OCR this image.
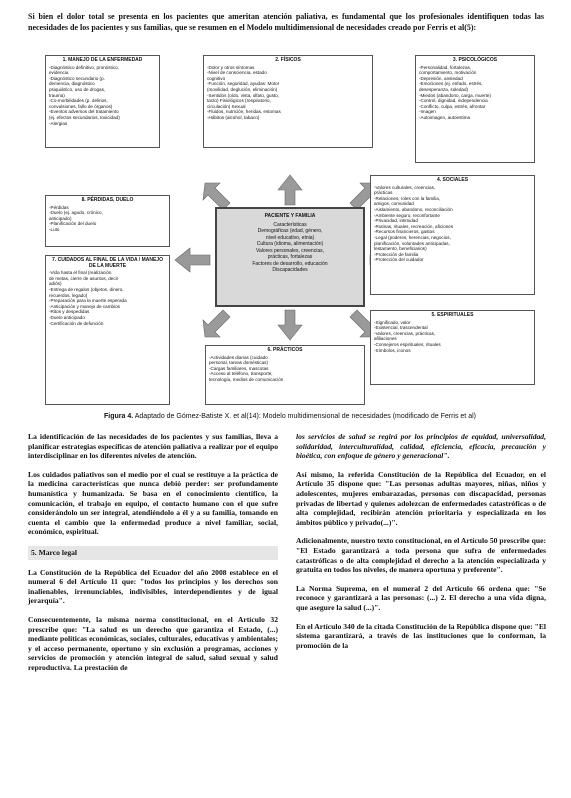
Si bien el dolor total se presenta en los pacientes que ameritan atención paliativa, es fundamental que los profesionales identifiquen todas las necesidades de los pacientes y sus familias, que se resumen en el Modelo multidimensional de necesidades creado por Ferris et al(5):
1. MANEJO DE LA ENFERMEDAD
-Diagnóstico definitivo, pronóstico,
evidencia
-Diagnóstico secundario (p.
demencia, diagnóstico
psiquiátrico, uso de drogas,
trauma)
-Co-morbilidades (p. delirios,
convulsiones, fallo de órganos)
-Eventos adversos del tratamiento
(ej. efectos secundarios, toxicidad)
-Alergias
2. FÍSICOS
-Dolor y otros síntomas
-Nivel de consciencia, estado
cognitivo
-Función, seguridad, ayudas: Motor
(movilidad, deglución, eliminación)
-Sentidos (oído, vista, olfato, gusto,
tacto) Fisiológicos (respiratorio,
circulación) Sexual
-Fluidos, nutrición, heridas, estomas
-Hábitos (alcohol, tabaco)
3. PSICOLÓGICOS
-Personalidad, fortalezas,
comportamiento, motivación
-Depresión, ansiedad
-Emociones (ej. enfado, estrés,
desesperanza, soledad)
-Miedos (abandono, carga, muerte)
-Control, dignidad, independencia
-Conflicto, culpa, estrés, afrontar
-Imagen
-Autoimagen, autoestima
4. SOCIALES
-Valores culturales, creencias,
prácticas
-Relaciones, roles con la familia,
amigos, comunidad
-Aislamiento, abandono, reconciliación
-Ambiente seguro, reconfortante
-Privacidad, intimidad
-Rutinas, rituales, recreación, aficiones
-Recursos financieros, gastos
-Legal (poderes, herencias, negocios,
planificación, voluntades anticipadas,
testamento, beneficiarios)
-Protección de familia
-Protección del cuidador
5. ESPIRITUALES
-Significado, valor
-Existencial, trascendental
-Valores, creencias, prácticas,
afiliaciones
-Consejeros espirituales, rituales
-Símbolos, iconos
6. PRÁCTICOS
-Actividades diarias (cuidado
personal, tareas domésticas)
-Cargas familiares, mascotas
-Acceso al teléfono, transporte,
tecnología, medios de comunicación
7. CUIDADOS AL FINAL DE LA VIDA / MANEJO DE LA MUERTE
-Vida hasta el final (realización
de metas, cierre de asuntos, decir
adiós)
-Entrega de regalos (objetos, dinero,
recuerdos, legado)
-Preparación para la muerte esperada
-Anticipación y manejo de cambios
-Ritos y despedidas
-Duelo anticipado
-Certificación de defunción
8. PÉRDIDAS, DUELO
-Pérdidas
-Duelo (ej. agudo, crónico,
anticipado)
-Planificación del duelo
-Luto
PACIENTE Y FAMILIA
Características
Demográficas (edad, género,
nivel educativo, etnia)
Cultura (idioma, alimentación)
Valores personales, creencias,
prácticas, fortalezas
Factores de desarrollo, educación
Discapacidades
Figura 4. Adaptado de Gómez-Batiste X. et al(14): Modelo multidimensional de necesidades (modificado de Ferris et al)

La identificación de las necesidades de los pacientes y sus familias, lleva a planificar estrategias específicas de atención paliativa a realizar por el equipo interdisciplinar en los diferentes niveles de atención.

Los cuidados paliativos son el medio por el cual se restituye a la práctica de la medicina características que nunca debió perder: ser profundamente humanística y humanizada. Se basa en el conocimiento científico, la comunicación, el trabajo en equipo, el contacto humano con el que sufre considerándolo un ser integral, atendiéndolo a él y a su familia, tomando en cuenta el cambio que la enfermedad produce a nivel familiar, social, económico, espiritual.

5. Marco legal

La Constitución de la República del Ecuador del año 2008 establece en el numeral 6 del Artículo 11 que: "todos los principios y los derechos son inalienables, irrenunciables, indivisibles, interdependientes y de igual jerarquía".

Consecuentemente, la misma norma constitucional, en el Artículo 32 prescribe que: "La salud es un derecho que garantiza el Estado, (...) mediante políticas económicas, sociales, culturales, educativas y ambientales; y el acceso permanente, oportuno y sin exclusión a programas, acciones y servicios de promoción y atención integral de salud, salud sexual y salud reproductiva. La prestación de

los servicios de salud se regirá por los principios de equidad, universalidad, solidaridad, interculturalidad, calidad, eficiencia, eficacia, precaución y bioética, con enfoque de género y generacional".

Así mismo, la referida Constitución de la República del Ecuador, en el Artículo 35 dispone que: "Las personas adultas mayores, niñas, niños y adolescentes, mujeres embarazadas, personas con discapacidad, personas privadas de libertad y quienes adolezcan de enfermedades catastróficas o de alta complejidad, recibirán atención prioritaria y especializada en los ámbitos público y privado(...)".

Adicionalmente, nuestro texto constitucional, en el Artículo 50 prescribe que: "El Estado garantizará a toda persona que sufra de enfermedades catastróficas o de alta complejidad el derecho a la atención especializada y gratuita en todos los niveles, de manera oportuna y preferente".

La Norma Suprema, en el numeral 2 del Artículo 66 ordena que: "Se reconoce y garantizará a las personas: (...) 2. El derecho a una vida digna, que asegure la salud (...)".

En el Artículo 340 de la citada Constitución de la República dispone que: "El sistema garantizará, a través de las instituciones que lo conforman, la promoción de la
